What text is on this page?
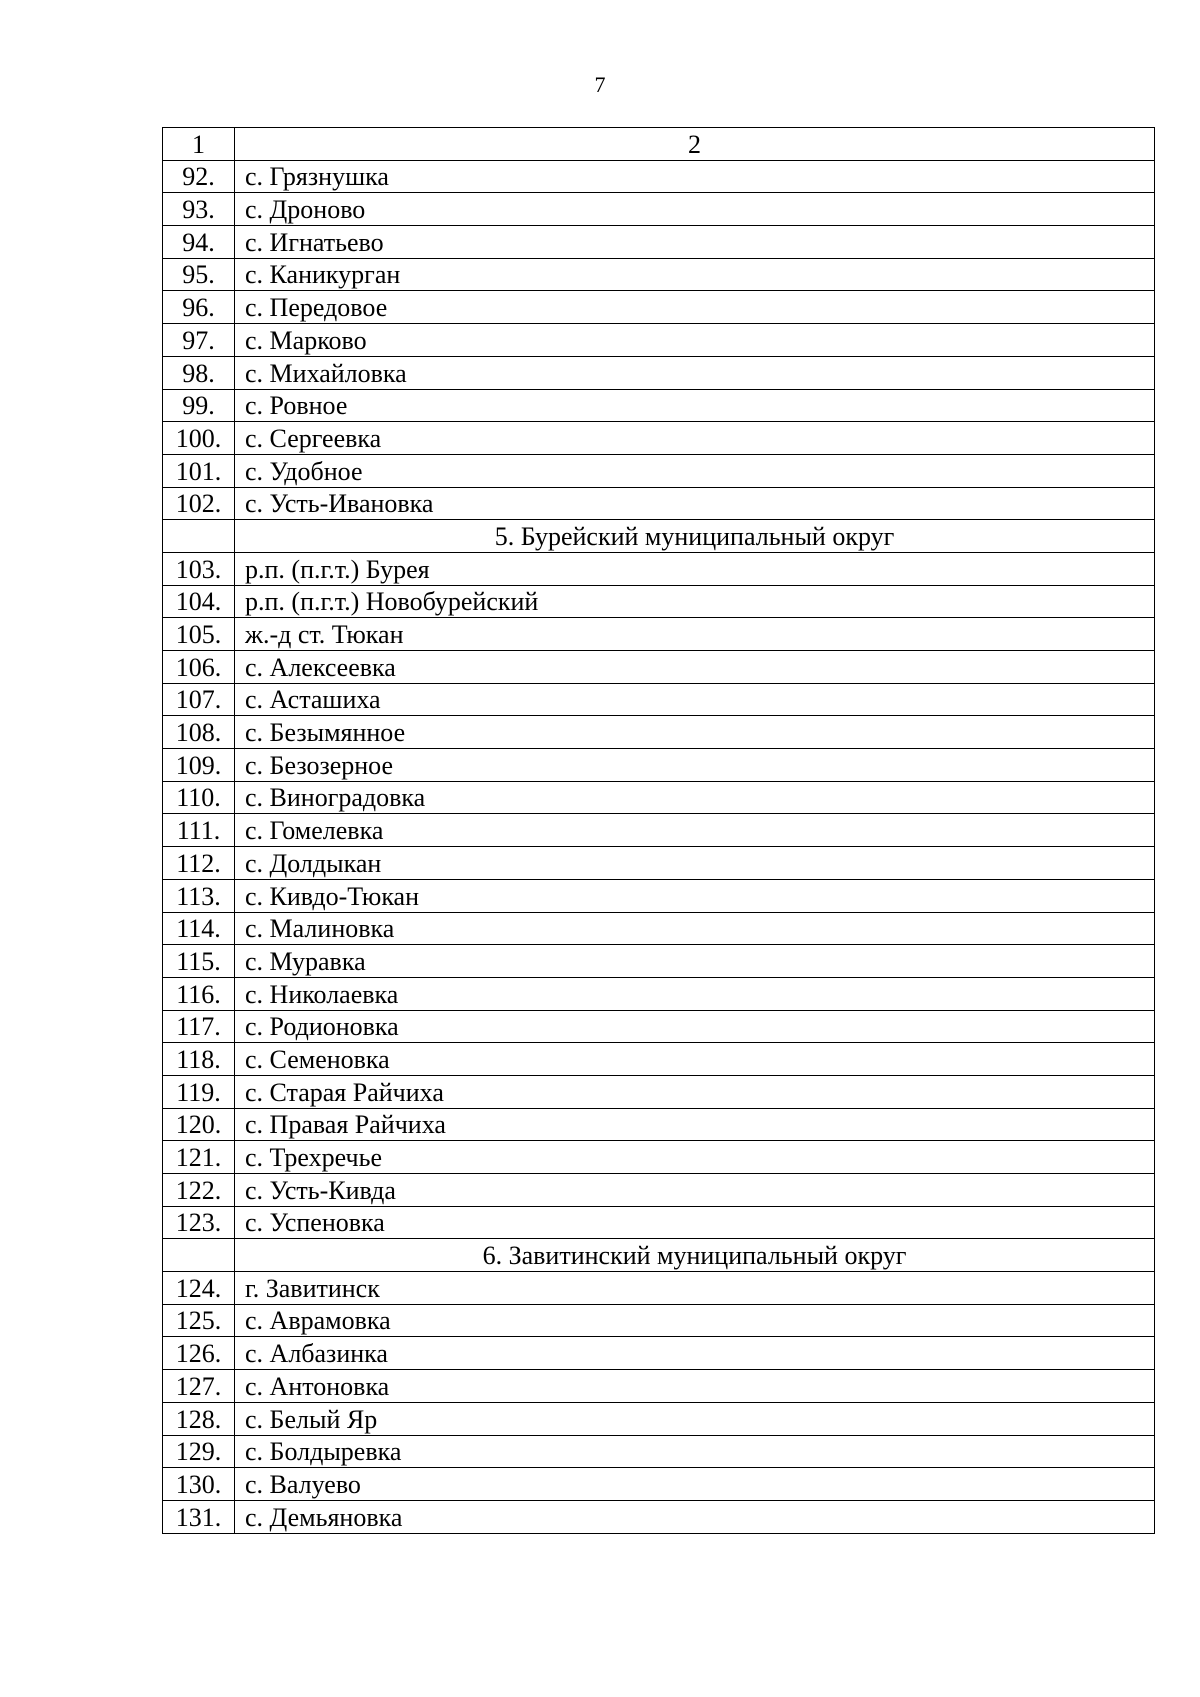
7
1	2
92.	с. Грязнушка
93.	с. Дроново
94.	с. Игнатьево
95.	с. Каникурган
96.	с. Передовое
97.	с. Марково
98.	с. Михайловка
99.	с. Ровное
100.	с. Сергеевка
101.	с. Удобное
102.	с. Усть-Ивановка
	5. Бурейский муниципальный округ
103.	р.п. (п.г.т.) Бурея
104.	р.п. (п.г.т.) Новобурейский
105.	ж.-д ст. Тюкан
106.	с. Алексеевка
107.	с. Асташиха
108.	с. Безымянное
109.	с. Безозерное
110.	с. Виноградовка
111.	с. Гомелевка
112.	с. Долдыкан
113.	с. Кивдо-Тюкан
114.	с. Малиновка
115.	с. Муравка
116.	с. Николаевка
117.	с. Родионовка
118.	с. Семеновка
119.	с. Старая Райчиха
120.	с. Правая Райчиха
121.	с. Трехречье
122.	с. Усть-Кивда
123.	с. Успеновка
	6. Завитинский муниципальный округ
124.	г. Завитинск
125.	с. Аврамовка
126.	с. Албазинка
127.	с. Антоновка
128.	с. Белый Яр
129.	с. Болдыревка
130.	с. Валуево
131.	с. Демьяновка
